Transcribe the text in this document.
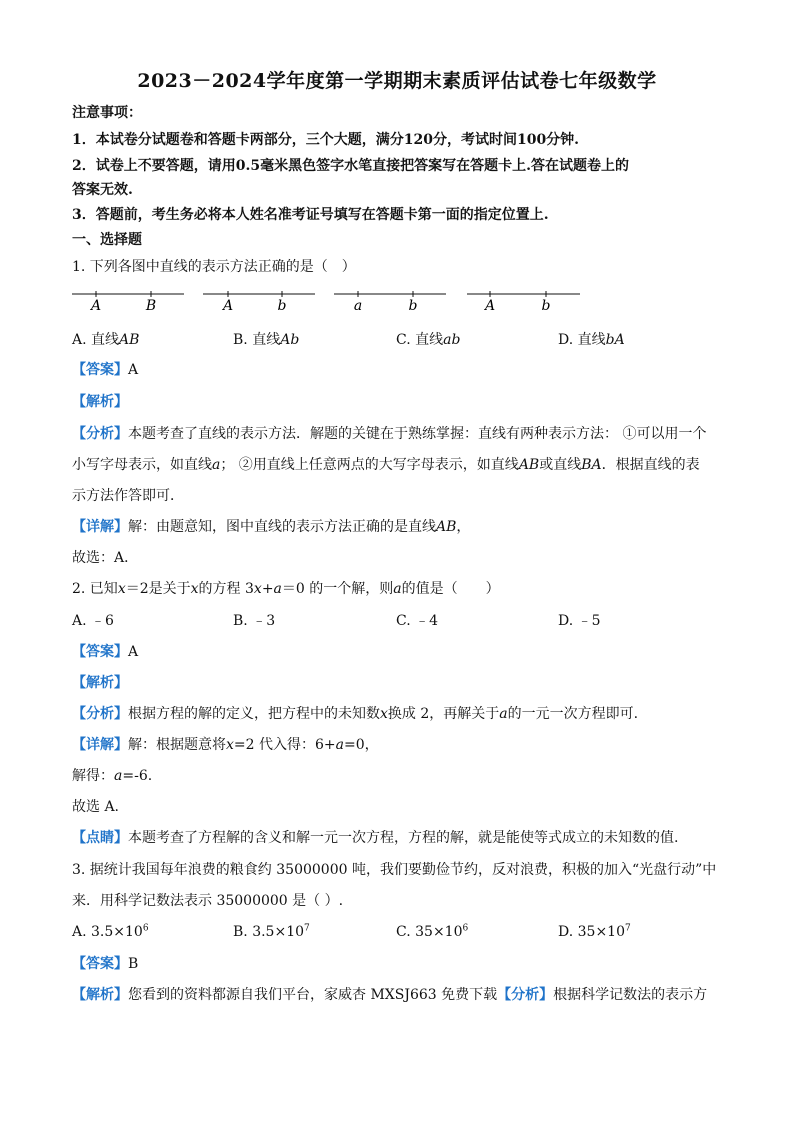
2023－2024学年度第一学期期末素质评估试卷七年级数学
注意事项：
1．本试卷分试题卷和答题卡两部分，三个大题，满分120分，考试时间100分钟.
2．试卷上不要答题，请用0.5毫米黑色签字水笔直接把答案写在答题卡上.答在试题卷上的
答案无效.
3．答题前，考生务必将本人姓名准考证号填写在答题卡第一面的指定位置上.
一、选择题
1. 下列各图中直线的表示方法正确的是（　）
A	B	A	b	a	b	A	b
A. 直线AB	B. 直线Ab	C. 直线ab	D. 直线bA
【答案】A
【解析】
【分析】本题考查了直线的表示方法．解题的关键在于熟练掌握：直线有两种表示方法： ①可以用一个
小写字母表示，如直线a； ②用直线上任意两点的大写字母表示，如直线AB或直线BA．根据直线的表
示方法作答即可．
【详解】解：由题意知，图中直线的表示方法正确的是直线AB，
故选：A．
2. 已知x＝2是关于x的方程 3x+a＝0 的一个解，则a的值是（　　）
A. ﹣6	B. ﹣3	C. ﹣4	D. ﹣5
【答案】A
【解析】
【分析】根据方程的解的定义，把方程中的未知数x换成 2，再解关于a的一元一次方程即可.
【详解】解：根据题意将x=2 代入得：6+a=0，
解得：a=-6.
故选 A.
【点睛】本题考查了方程解的含义和解一元一次方程，方程的解，就是能使等式成立的未知数的值.
3. 据统计我国每年浪费的粮食约 35000000 吨，我们要勤俭节约，反对浪费，积极的加入“光盘行动”中
来．用科学记数法表示 35000000 是（ ）.
A. $3.5\times 10^6$	B. $3.5\times 10^7$	C. $35\times 10^6$	D. $35\times 10^7$
【答案】B
【解析】您看到的资料都源自我们平台，家威杏 MXSJ663 免费下载【分析】根据科学记数法的表示方
